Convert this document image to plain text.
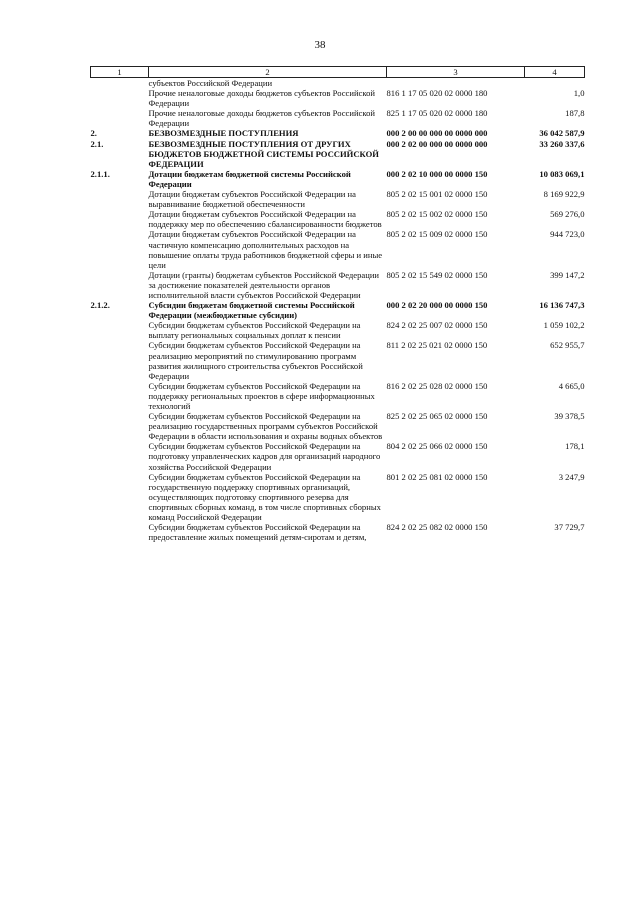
38
1	2	3	4
	субъектов Российской Федерации		
	Прочие неналоговые доходы бюджетов субъектов Российской Федерации	816 1 17 05 020 02 0000 180	1,0
	Прочие неналоговые доходы бюджетов субъектов Российской Федерации	825 1 17 05 020 02 0000 180	187,8
2.	БЕЗВОЗМЕЗДНЫЕ ПОСТУПЛЕНИЯ	000 2 00 00 000 00 0000 000	36 042 587,9
2.1.	БЕЗВОЗМЕЗДНЫЕ ПОСТУПЛЕНИЯ ОТ ДРУГИХ БЮДЖЕТОВ БЮДЖЕТНОЙ СИСТЕМЫ РОССИЙСКОЙ ФЕДЕРАЦИИ	000 2 02 00 000 00 0000 000	33 260 337,6
2.1.1.	Дотации бюджетам бюджетной системы Российской Федерации	000 2 02 10 000 00 0000 150	10 083 069,1
	Дотации бюджетам субъектов Российской Федерации на выравнивание бюджетной обеспеченности	805 2 02 15 001 02 0000 150	8 169 922,9
	Дотации бюджетам субъектов Российской Федерации на поддержку мер по обеспечению сбалансированности бюджетов	805 2 02 15 002 02 0000 150	569 276,0
	Дотации бюджетам субъектов Российской Федерации на частичную компенсацию дополнительных расходов на повышение оплаты труда работников бюджетной сферы и иные цели	805 2 02 15 009 02 0000 150	944 723,0
	Дотации (гранты) бюджетам субъектов Российской Федерации за достижение показателей деятельности органов исполнительной власти субъектов Российской Федерации	805 2 02 15 549 02 0000 150	399 147,2
2.1.2.	Субсидии бюджетам бюджетной системы Российской Федерации (межбюджетные субсидии)	000 2 02 20 000 00 0000 150	16 136 747,3
	Субсидии бюджетам субъектов Российской Федерации на выплату региональных социальных доплат к пенсии	824 2 02 25 007 02 0000 150	1 059 102,2
	Субсидии бюджетам субъектов Российской Федерации на реализацию мероприятий по стимулированию программ развития жилищного строительства субъектов Российской Федерации	811 2 02 25 021 02 0000 150	652 955,7
	Субсидии бюджетам субъектов Российской Федерации на поддержку региональных проектов в сфере информационных технологий	816 2 02 25 028 02 0000 150	4 665,0
	Субсидии бюджетам субъектов Российской Федерации на реализацию государственных программ субъектов Российской Федерации в области использования и охраны водных объектов	825 2 02 25 065 02 0000 150	39 378,5
	Субсидии бюджетам субъектов Российской Федерации на подготовку управленческих кадров для организаций народного хозяйства Российской Федерации	804 2 02 25 066 02 0000 150	178,1
	Субсидии бюджетам субъектов Российской Федерации на государственную поддержку спортивных организаций, осуществляющих подготовку спортивного резерва для спортивных сборных команд, в том числе спортивных сборных команд Российской Федерации	801 2 02 25 081 02 0000 150	3 247,9
	Субсидии бюджетам субъектов Российской Федерации на предоставление жилых помещений детям-сиротам и детям,	824 2 02 25 082 02 0000 150	37 729,7
